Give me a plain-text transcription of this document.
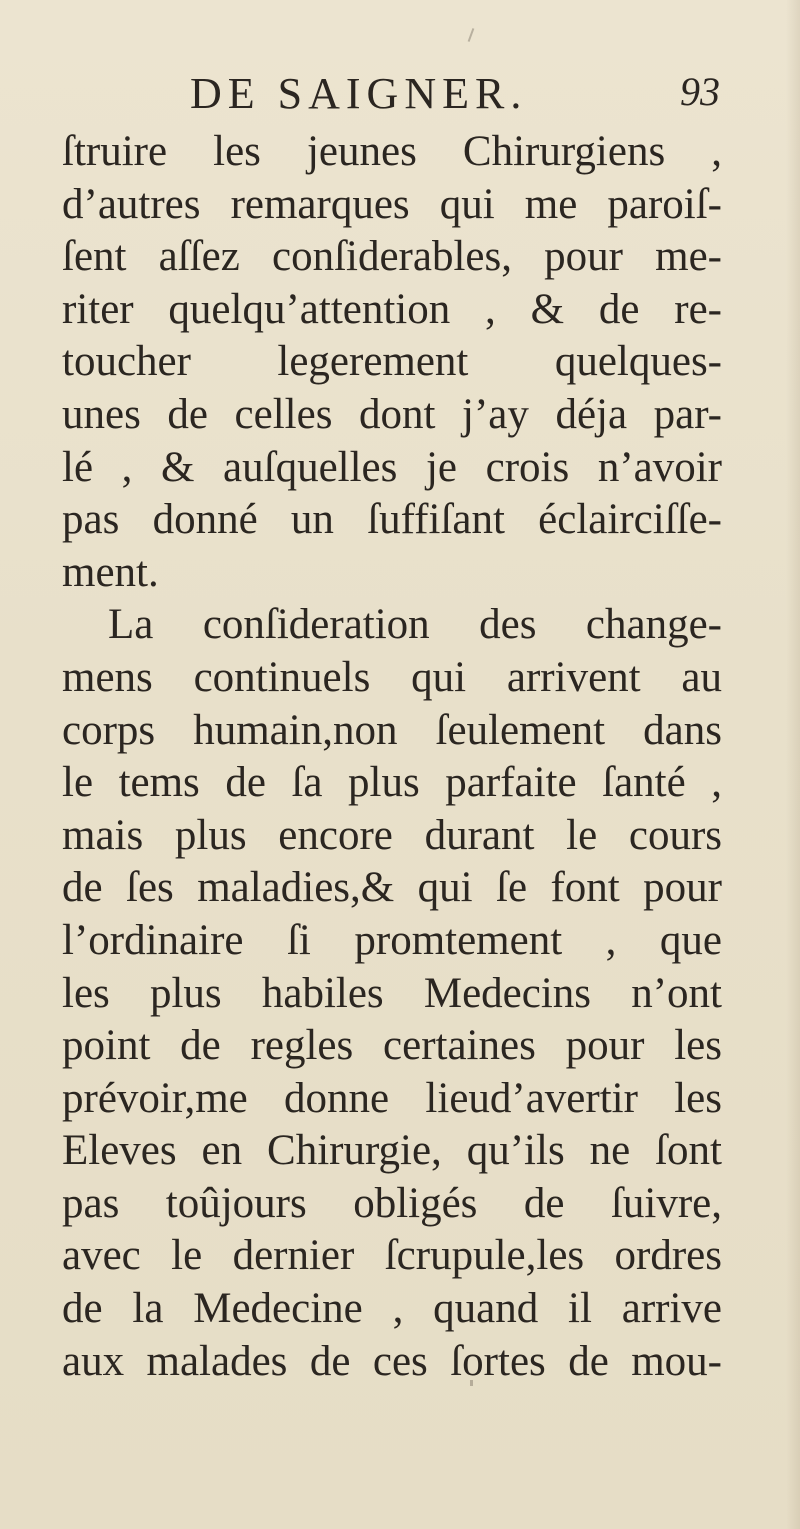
DE SAIGNER.	93
ſtruire les jeunes Chirurgiens ,
d’autres remarques qui me paroiſ-
ſent aſſez conſiderables, pour me-
riter quelqu’attention , & de re-
toucher legerement quelques-
unes de celles dont j’ay déja par-
lé , & auſquelles je crois n’avoir
pas donné un ſuffiſant éclairciſſe-
ment.
La conſideration des change-
mens continuels qui arrivent au
corps humain,non ſeulement dans
le tems de ſa plus parfaite ſanté ,
mais plus encore durant le cours
de ſes maladies,& qui ſe font pour
l’ordinaire ſi promtement , que
les plus habiles Medecins n’ont
point de regles certaines pour les
prévoir,me donne lieud’avertir les
Eleves en Chirurgie, qu’ils ne ſont
pas toûjours obligés de ſuivre,
avec le dernier ſcrupule,les ordres
de la Medecine , quand il arrive
aux malades de ces ſortes de mou-
